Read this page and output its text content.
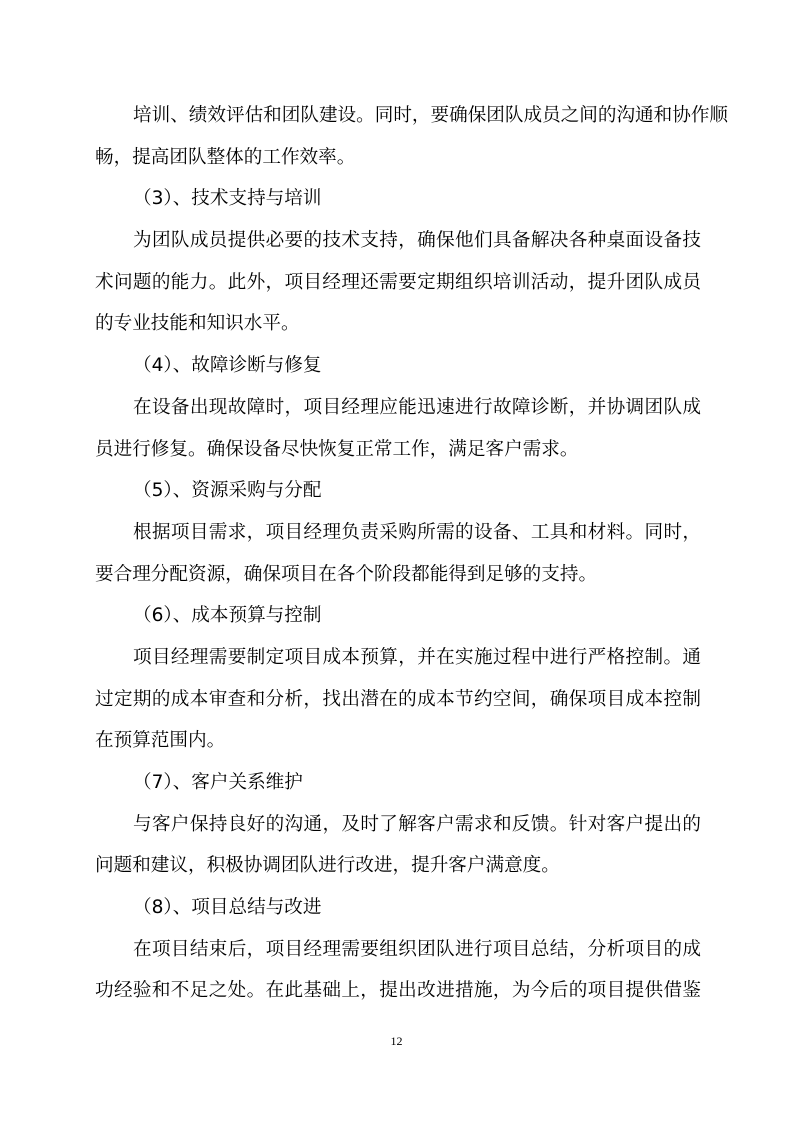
培训、绩效评估和团队建设。同时，要确保团队成员之间的沟通和协作顺
畅，提高团队整体的工作效率。
（3）、技术支持与培训
为团队成员提供必要的技术支持，确保他们具备解决各种桌面设备技
术问题的能力。此外，项目经理还需要定期组织培训活动，提升团队成员
的专业技能和知识水平。
（4）、故障诊断与修复
在设备出现故障时，项目经理应能迅速进行故障诊断，并协调团队成
员进行修复。确保设备尽快恢复正常工作，满足客户需求。
（5）、资源采购与分配
根据项目需求，项目经理负责采购所需的设备、工具和材料。同时，
要合理分配资源，确保项目在各个阶段都能得到足够的支持。
（6）、成本预算与控制
项目经理需要制定项目成本预算，并在实施过程中进行严格控制。通
过定期的成本审查和分析，找出潜在的成本节约空间，确保项目成本控制
在预算范围内。
（7）、客户关系维护
与客户保持良好的沟通，及时了解客户需求和反馈。针对客户提出的
问题和建议，积极协调团队进行改进，提升客户满意度。
（8）、项目总结与改进
在项目结束后，项目经理需要组织团队进行项目总结，分析项目的成
功经验和不足之处。在此基础上，提出改进措施，为今后的项目提供借鉴
12
